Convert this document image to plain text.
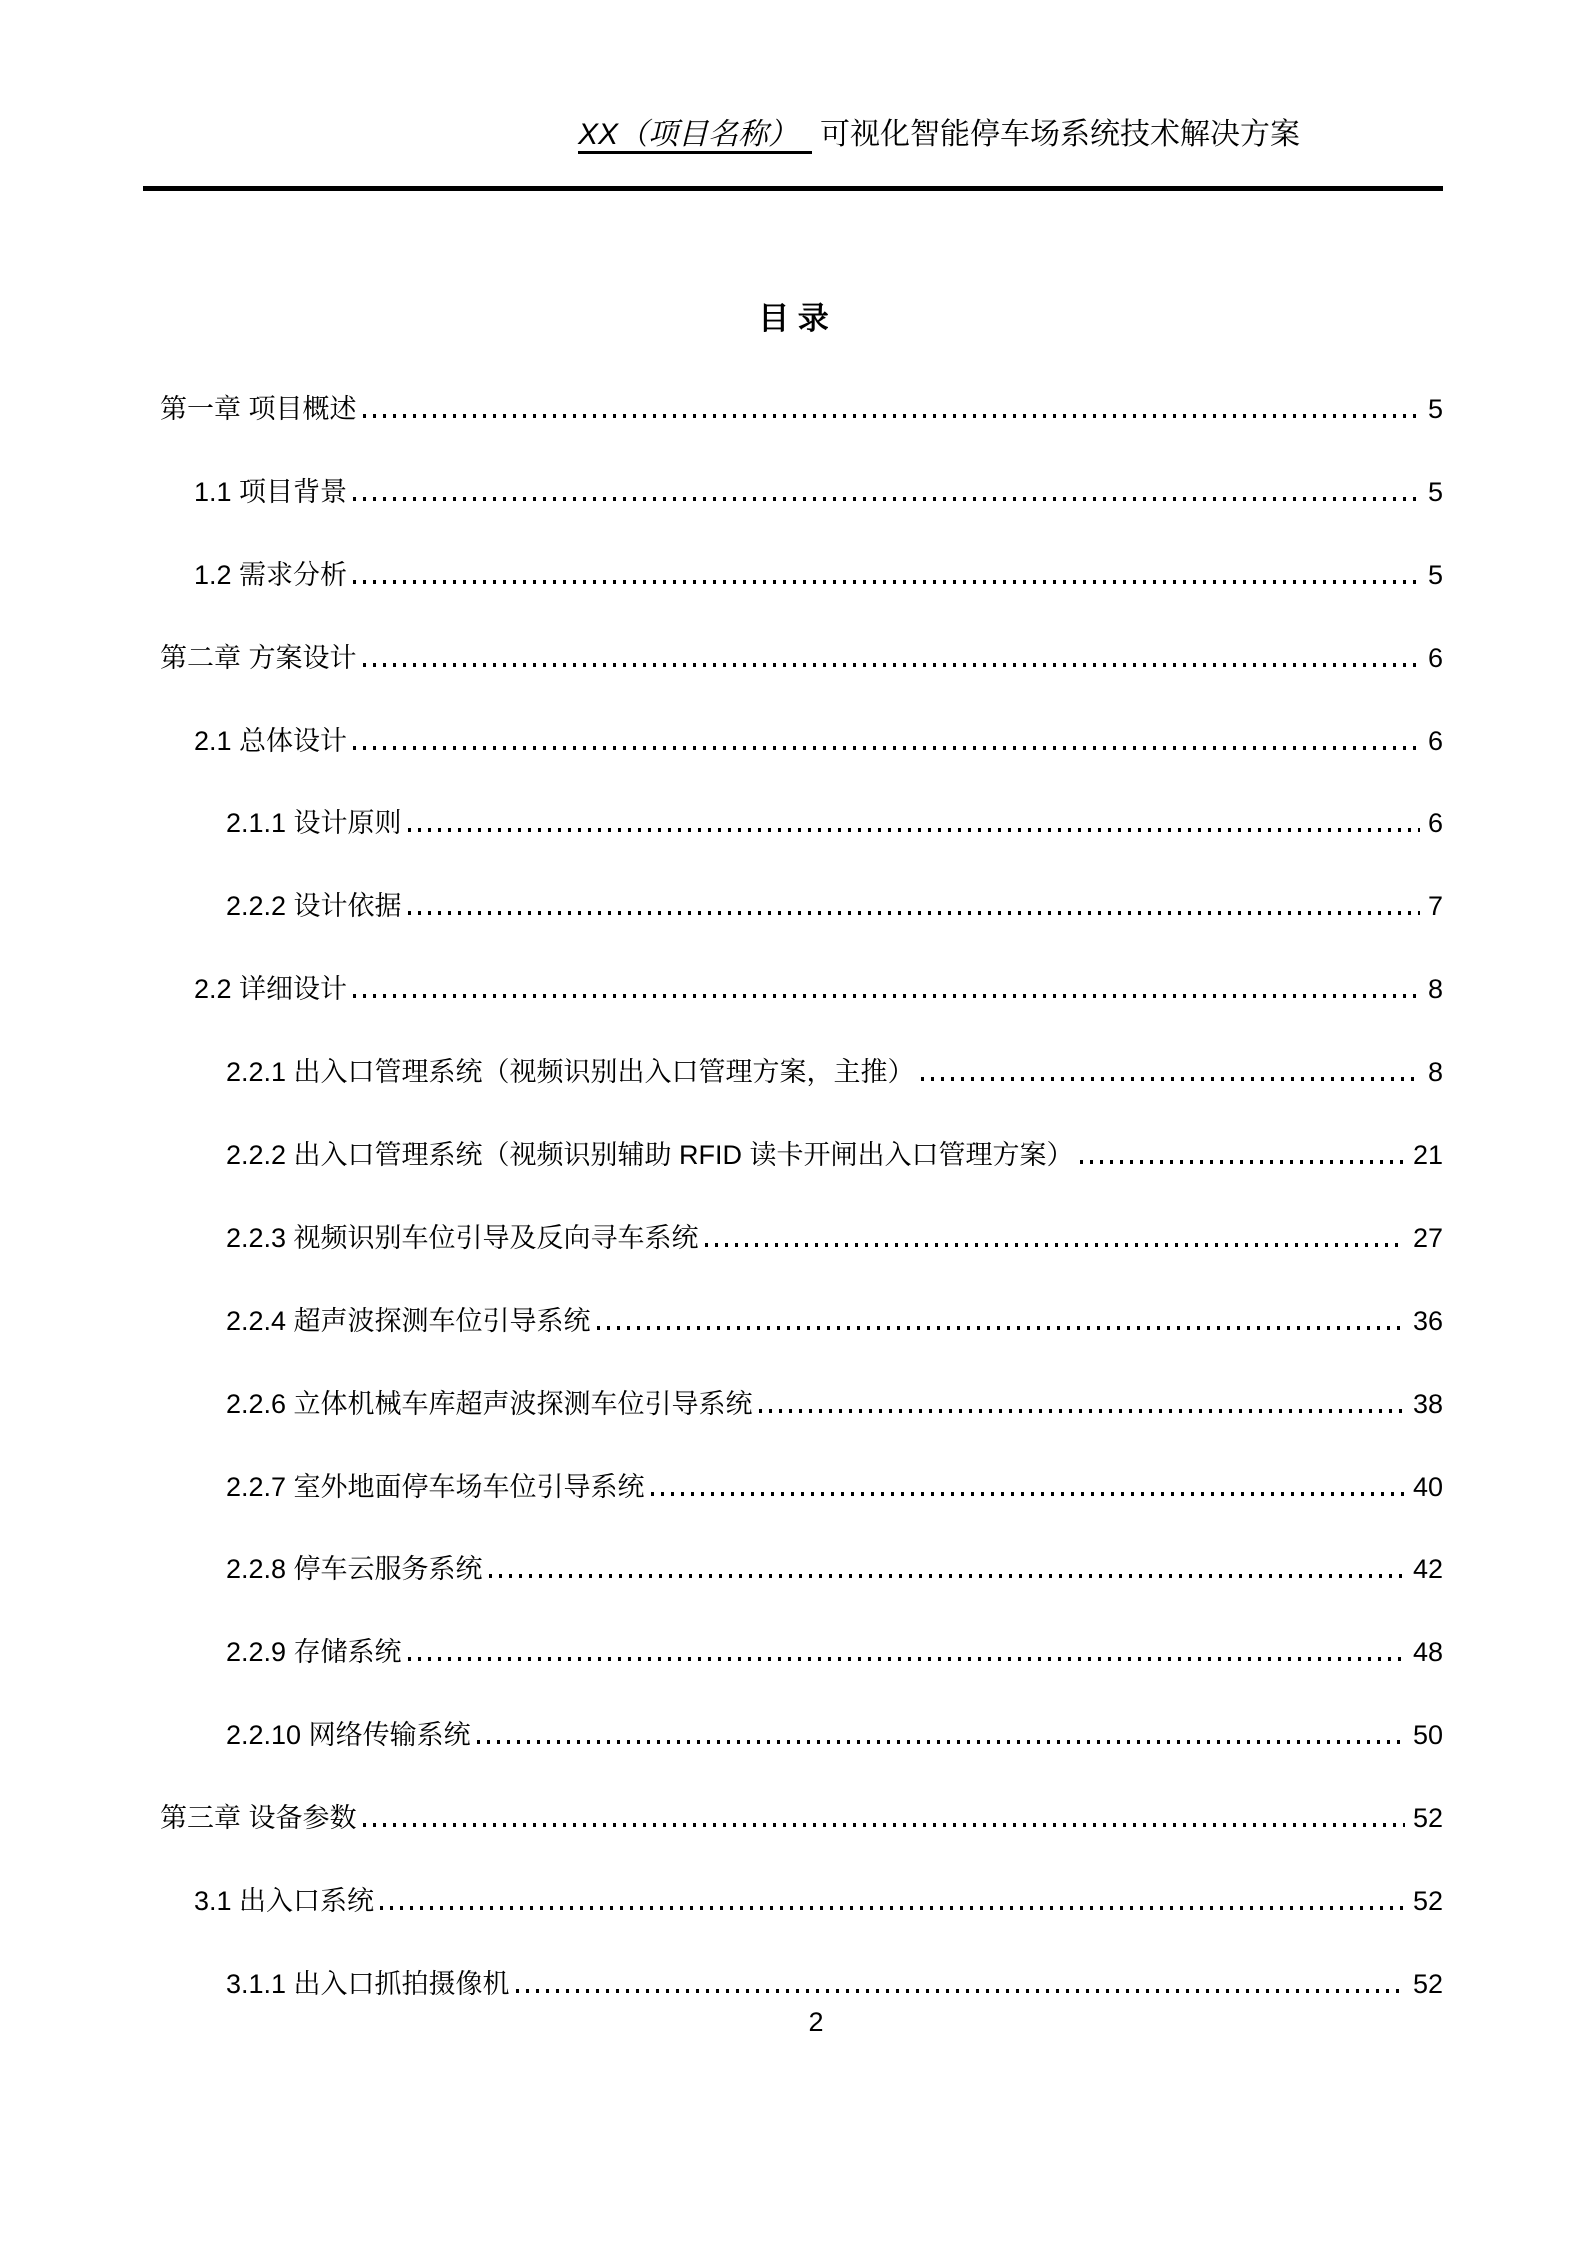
XX（项目名称） 可视化智能停车场系统技术解决方案
目 录
第一章 项目概述	5
1.1 项目背景	5
1.2 需求分析	5
第二章 方案设计	6
2.1 总体设计	6
2.1.1 设计原则	6
2.2.2 设计依据	7
2.2 详细设计	8
2.2.1 出入口管理系统（视频识别出入口管理方案，主推）	8
2.2.2 出入口管理系统（视频识别辅助 RFID 读卡开闸出入口管理方案）	21
2.2.3 视频识别车位引导及反向寻车系统	27
2.2.4 超声波探测车位引导系统	36
2.2.6 立体机械车库超声波探测车位引导系统	38
2.2.7 室外地面停车场车位引导系统	40
2.2.8 停车云服务系统	42
2.2.9 存储系统	48
2.2.10 网络传输系统	50
第三章 设备参数	52
3.1 出入口系统	52
3.1.1 出入口抓拍摄像机	52
2
